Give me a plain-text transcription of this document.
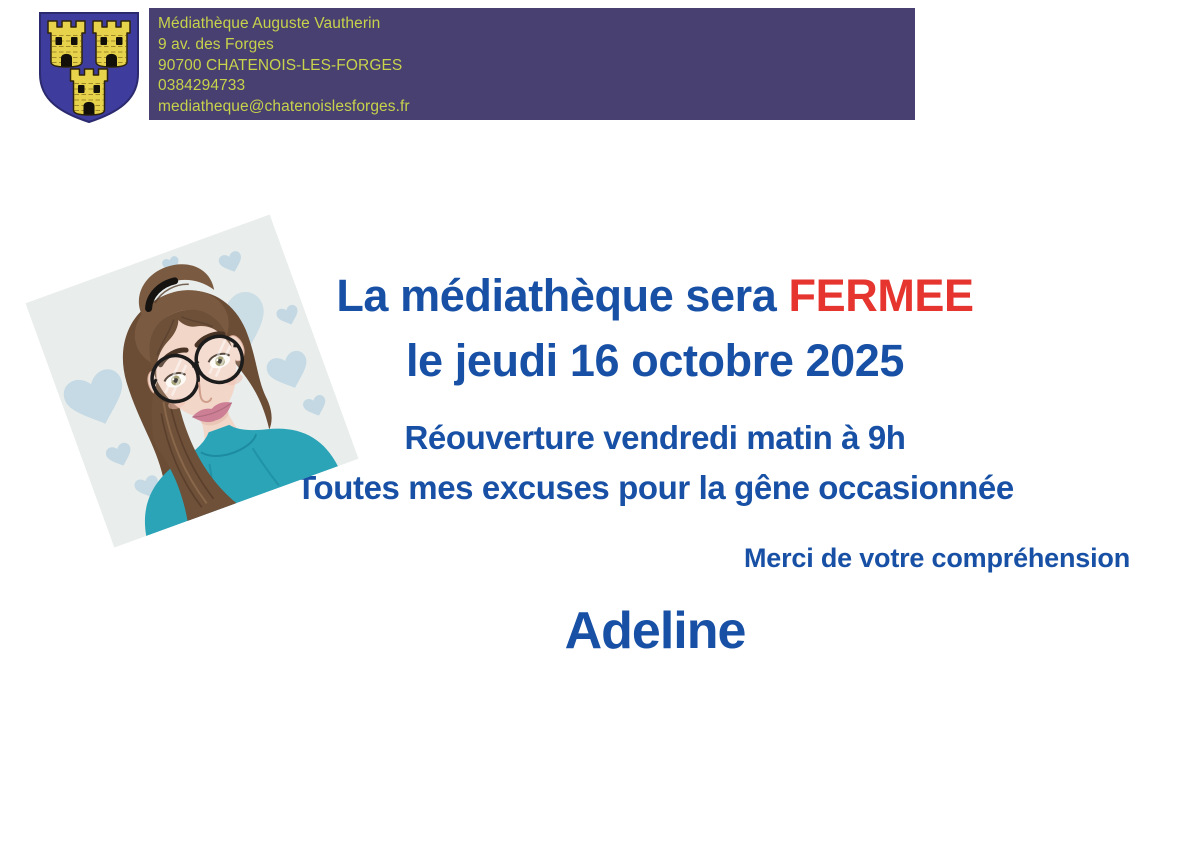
Médiathèque Auguste Vautherin
9 av. des Forges
90700 CHATENOIS-LES-FORGES
0384294733
mediatheque@chatenoislesforges.fr
La médiathèque sera FERMEE
le jeudi 16 octobre 2025
Réouverture vendredi matin à 9h
Toutes mes excuses pour la gêne occasionnée
Merci de votre compréhension
Adeline
